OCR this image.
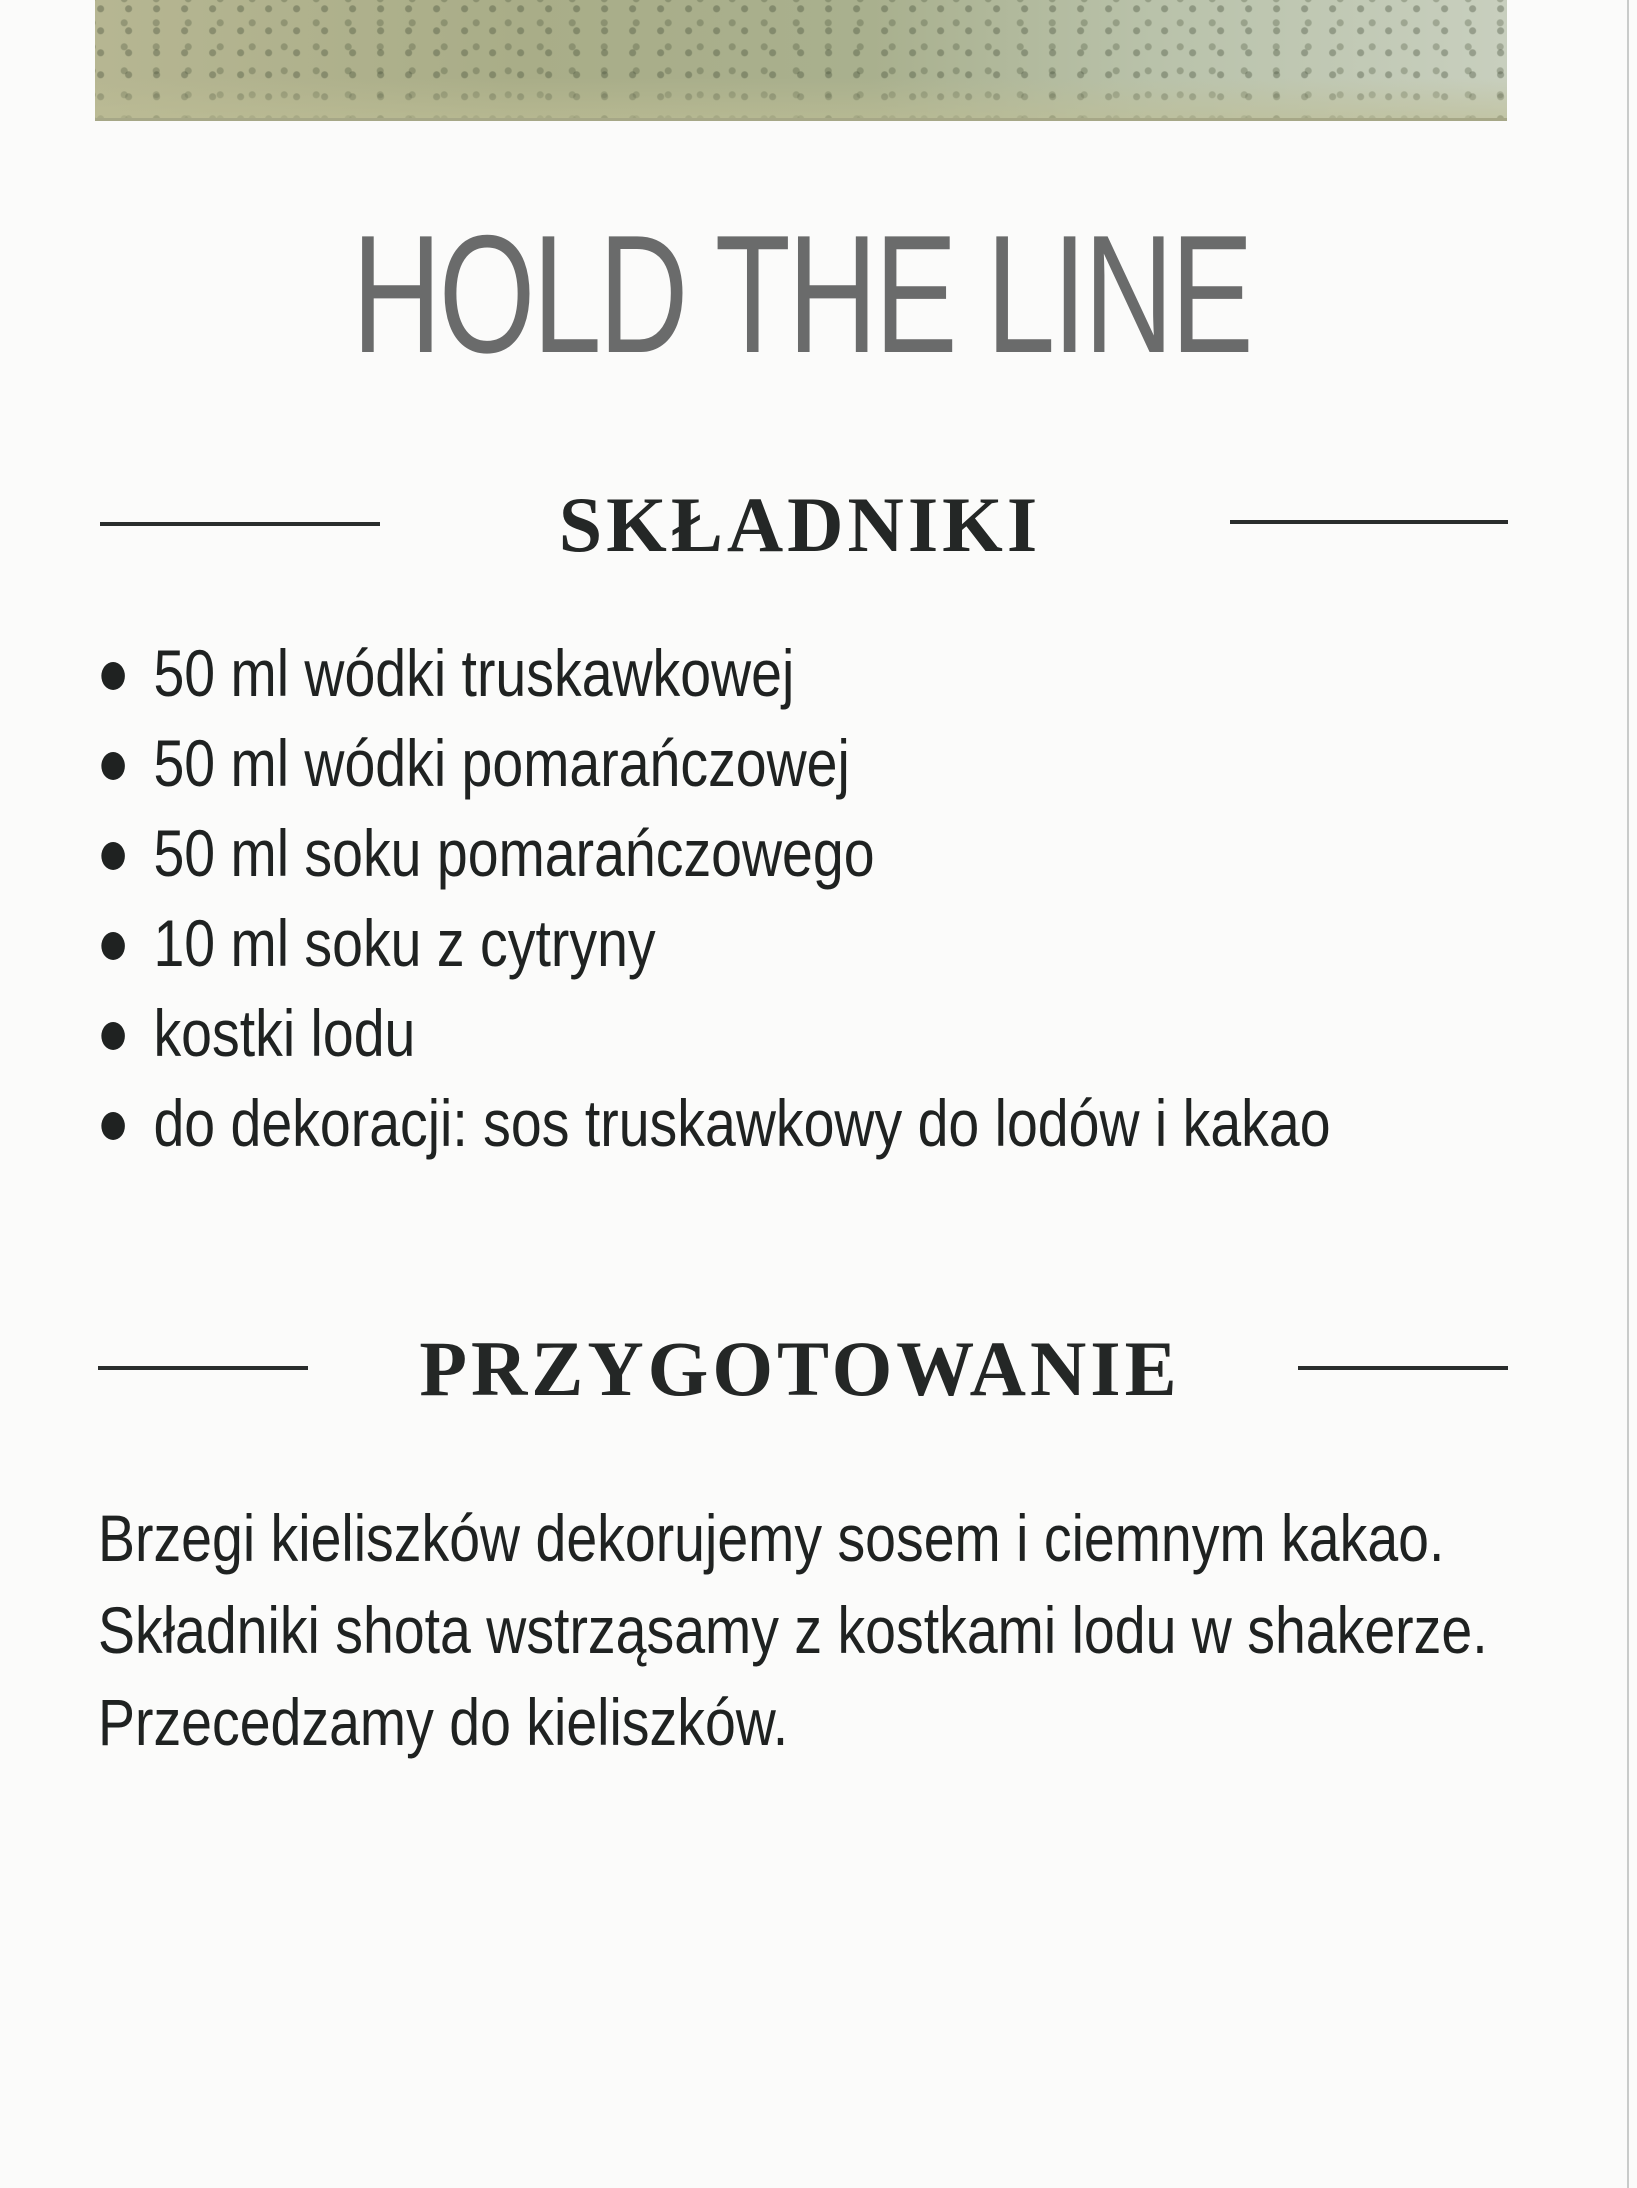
HOLD THE LINE
SKŁADNIKI
50 ml wódki truskawkowej
50 ml wódki pomarańczowej
50 ml soku pomarańczowego
10 ml soku z cytryny
kostki lodu
do dekoracji: sos truskawkowy do lodów i kakao
PRZYGOTOWANIE

Brzegi kieliszków dekorujemy sosem i ciemnym kakao.

Składniki shota wstrząsamy z kostkami lodu w shakerze.

Przecedzamy do kieliszków.
